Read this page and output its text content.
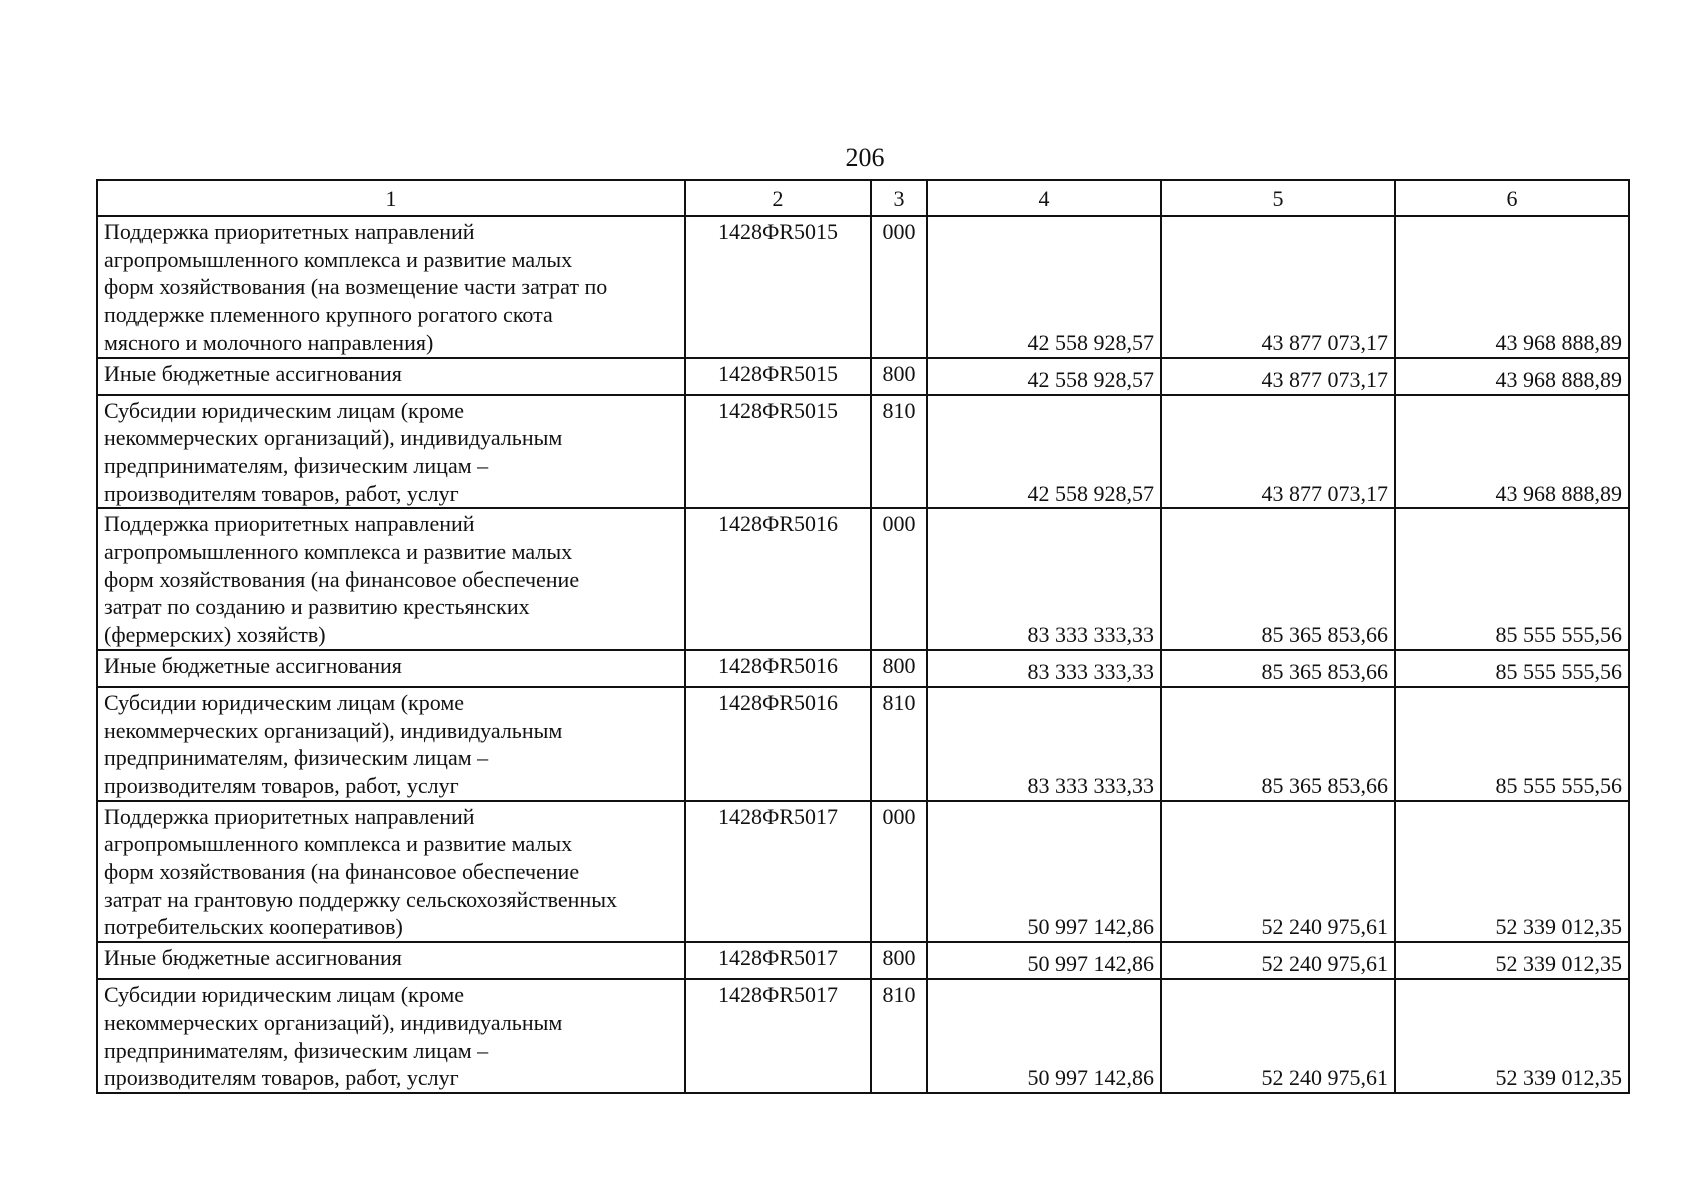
206
1	2	3	4	5	6
Поддержка приоритетных направлений
агропромышленного комплекса и развитие малых
форм хозяйствования (на возмещение части затрат по
поддержке племенного крупного рогатого скота
мясного и молочного направления)	1428ФR5015	000	42 558 928,57	43 877 073,17	43 968 888,89
Иные бюджетные ассигнования	1428ФR5015	800	42 558 928,57	43 877 073,17	43 968 888,89
Субсидии юридическим лицам (кроме
некоммерческих организаций), индивидуальным
предпринимателям, физическим лицам –
производителям товаров, работ, услуг	1428ФR5015	810	42 558 928,57	43 877 073,17	43 968 888,89
Поддержка приоритетных направлений
агропромышленного комплекса и развитие малых
форм хозяйствования (на финансовое обеспечение
затрат по созданию и развитию крестьянских
(фермерских) хозяйств)	1428ФR5016	000	83 333 333,33	85 365 853,66	85 555 555,56
Иные бюджетные ассигнования	1428ФR5016	800	83 333 333,33	85 365 853,66	85 555 555,56
Субсидии юридическим лицам (кроме
некоммерческих организаций), индивидуальным
предпринимателям, физическим лицам –
производителям товаров, работ, услуг	1428ФR5016	810	83 333 333,33	85 365 853,66	85 555 555,56
Поддержка приоритетных направлений
агропромышленного комплекса и развитие малых
форм хозяйствования (на финансовое обеспечение
затрат на грантовую поддержку сельскохозяйственных
потребительских кооперативов)	1428ФR5017	000	50 997 142,86	52 240 975,61	52 339 012,35
Иные бюджетные ассигнования	1428ФR5017	800	50 997 142,86	52 240 975,61	52 339 012,35
Субсидии юридическим лицам (кроме
некоммерческих организаций), индивидуальным
предпринимателям, физическим лицам –
производителям товаров, работ, услуг	1428ФR5017	810	50 997 142,86	52 240 975,61	52 339 012,35
